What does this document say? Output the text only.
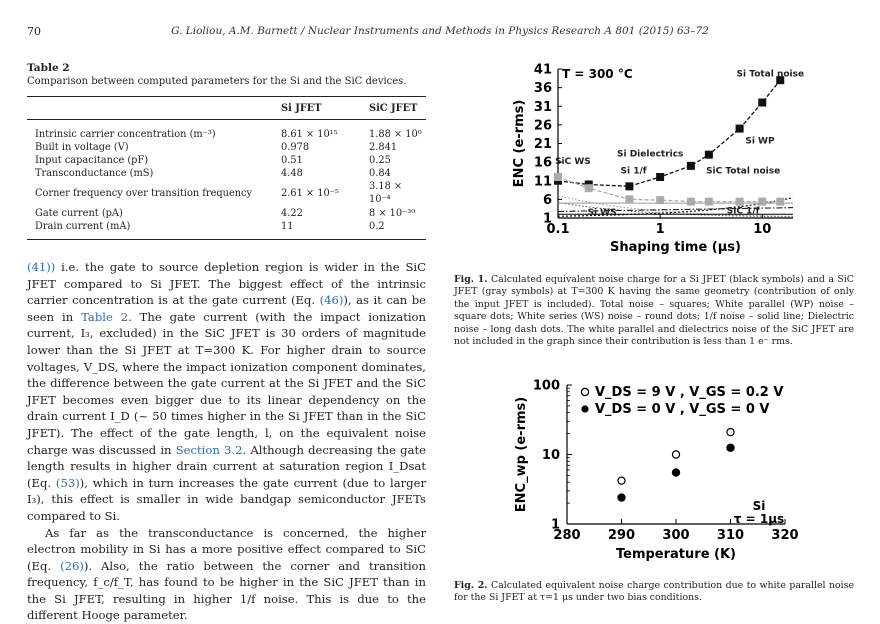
70	G. Lioliou, A.M. Barnett / Nuclear Instruments and Methods in Physics Research A 801 (2015) 63–72
Table 2
Comparison between computed parameters for the Si and the SiC devices.
	Si JFET	SiC JFET
Intrinsic carrier concentration (m⁻³)	8.61 × 10¹⁵	1.88 × 10⁰
Built in voltage (V)	0.978	2.841
Input capacitance (pF)	0.51	0.25
Transconductance (mS)	4.48	0.84
Corner frequency over transition frequency	2.61 × 10⁻⁵	3.18 × 10⁻⁴
Gate current (pA)	4.22	8 × 10⁻³⁰
Drain current (mA)	11	0.2

(41)) i.e. the gate to source depletion region is wider in the SiC JFET compared to Si JFET. The biggest effect of the intrinsic carrier concentration is at the gate current (Eq. (46)), as it can be seen in Table 2. The gate current (with the impact ionization current, I₃, excluded) in the SiC JFET is 30 orders of magnitude lower than the Si JFET at T=300 K. For higher drain to source voltages, V_DS, where the impact ionization component dominates, the difference between the gate current at the Si JFET and the SiC JFET becomes even bigger due to its linear dependency on the drain current I_D (~ 50 times higher in the Si JFET than in the SiC JFET). The effect of the gate length, l, on the equivalent noise charge was discussed in Section 3.2. Although decreasing the gate length results in higher drain current at saturation region I_Dsat (Eq. (53)), which in turn increases the gate current (due to larger I₃), this effect is smaller in wide bandgap semiconductor JFETs compared to Si.

As far as the transconductance is concerned, the higher electron mobility in Si has a more positive effect compared to SiC (Eq. (26)). Also, the ratio between the corner and transition frequency, f_c/f_T, has found to be higher in the SiC JFET than in the Si JFET, resulting in higher 1/f noise. This is due to the different Hooge parameter.

1
6
11
16
21
26
31
36
41
0.1	1	10
Shaping time (μs)
ENC (e-rms)
T = 300 °C	Si Total noise
Si WP
Si Dielectrics
Si 1/f
SiC WS
SiC Total noise
Si WS	SiC 1/f
Fig. 1. Calculated equivalent noise charge for a Si JFET (black symbols) and a SiC JFET (gray symbols) at T=300 K having the same geometry (contribution of only the input JFET is included). Total noise – squares; White parallel (WP) noise – square dots; White series (WS) noise – round dots; 1/f noise – solid line; Dielectric noise – long dash dots. The white parallel and dielectrics noise of the SiC JFET are not included in the graph since their contribution is less than 1 e⁻ rms.
1
10
100
280 290 300 310 320
Temperature (K)
ENC_wp (e-rms)
V_DS = 9 V , V_GS = 0.2 V
V_DS = 0 V , V_GS = 0 V
Si
τ = 1μs
Fig. 2. Calculated equivalent noise charge contribution due to white parallel noise for the Si JFET at τ=1 μs under two bias conditions.
